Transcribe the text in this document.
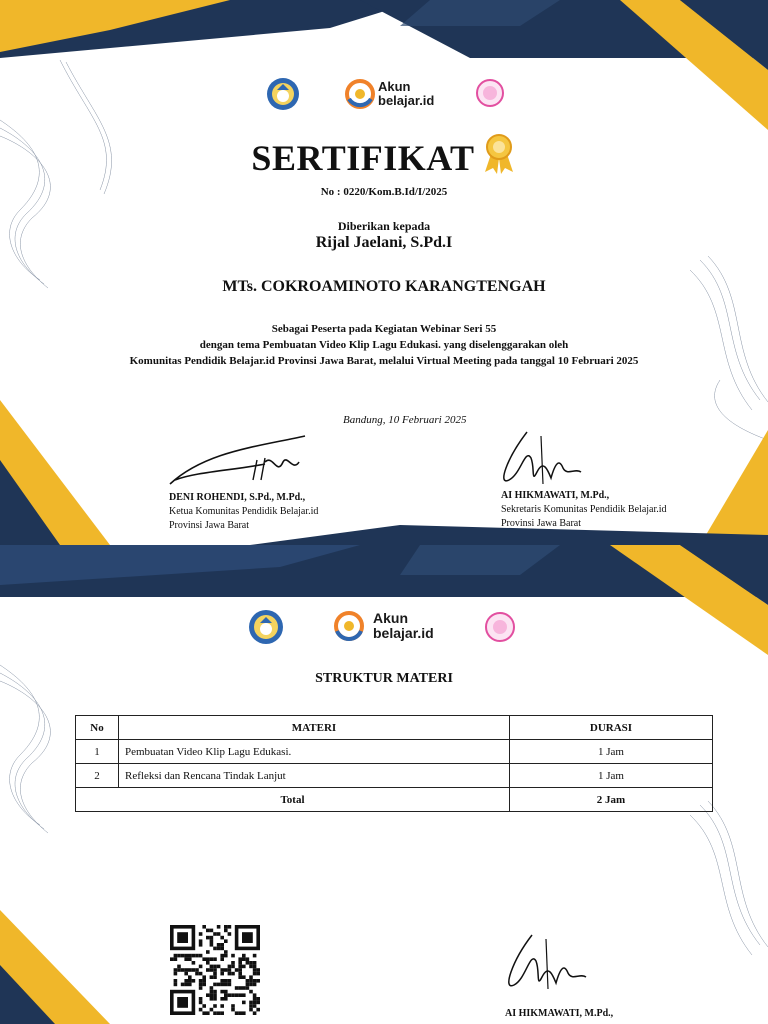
Akun
belajar.id
SERTIFIKAT
No : 0220/Kom.B.Id/I/2025
Diberikan kepada
Rijal Jaelani, S.Pd.I
MTs. COKROAMINOTO KARANGTENGAH
Sebagai Peserta pada Kegiatan Webinar Seri 55
dengan tema Pembuatan Video Klip Lagu Edukasi. yang diselenggarakan oleh
Komunitas Pendidik Belajar.id Provinsi Jawa Barat, melalui Virtual Meeting pada tanggal 10 Februari 2025
Bandung, 10 Februari 2025
DENI ROHENDI, S.Pd., M.Pd.,
Ketua Komunitas Pendidik Belajar.id
Provinsi Jawa Barat
AI HIKMAWATI, M.Pd.,
Sekretaris Komunitas Pendidik Belajar.id
Provinsi Jawa Barat
Akun
belajar.id
STRUKTUR MATERI
No	MATERI	DURASI
1	Pembuatan Video Klip Lagu Edukasi.	1 Jam
2	Refleksi dan Rencana Tindak Lanjut	1 Jam
Total		2 Jam
AI HIKMAWATI, M.Pd.,
